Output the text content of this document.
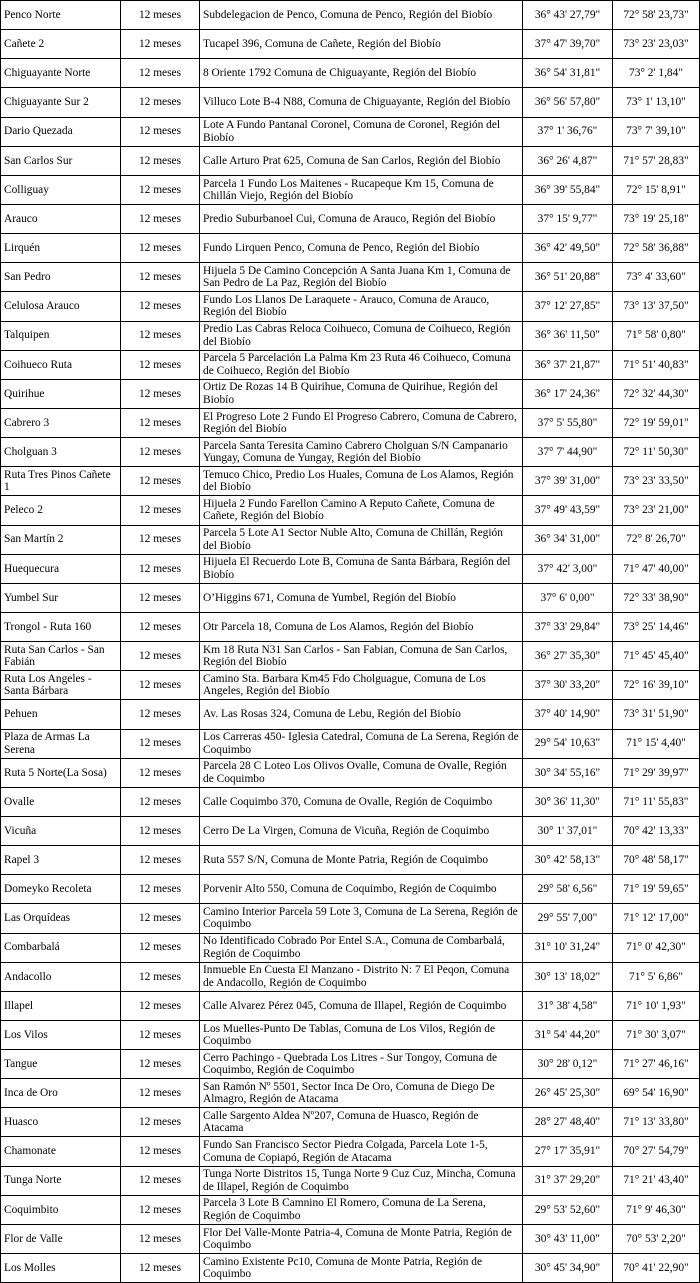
Penco Norte	12 meses	Subdelegacion de Penco, Comuna de Penco, Región del Biobío	36° 43' 27,79"	72° 58' 23,73"
Cañete 2	12 meses	Tucapel 396, Comuna de Cañete, Región del Biobío	37° 47' 39,70"	73° 23' 23,03"
Chiguayante Norte	12 meses	8 Oriente 1792 Comuna de Chiguayante, Región del Biobío	36° 54' 31,81"	73° 2' 1,84"
Chiguayante Sur 2	12 meses	Villuco Lote B-4 N88, Comuna de Chiguayante, Región del Biobío	36° 56' 57,80"	73° 1' 13,10"
Dario Quezada	12 meses	Lote A Fundo Pantanal Coronel, Comuna de Coronel, Región del Biobío	37° 1' 36,76"	73° 7' 39,10"
San Carlos Sur	12 meses	Calle Arturo Prat 625, Comuna de San Carlos, Región del Biobío	36° 26' 4,87"	71° 57' 28,83"
Colliguay	12 meses	Parcela 1 Fundo Los Maitenes - Rucapeque Km 15, Comuna de Chillán Viejo, Región del Biobío	36° 39' 55,84"	72° 15' 8,91"
Arauco	12 meses	Predio Suburbanoel Cui, Comuna de Arauco, Región del Biobío	37° 15' 9,77"	73° 19' 25,18"
Lirquén	12 meses	Fundo Lirquen Penco, Comuna de Penco, Región del Biobío	36° 42' 49,50"	72° 58' 36,88"
San Pedro	12 meses	Hijuela 5 De Camino Concepción A Santa Juana Km 1, Comuna de San Pedro de La Paz, Región del Biobío	36° 51' 20,88"	73° 4' 33,60"
Celulosa Arauco	12 meses	Fundo Los Llanos De Laraquete - Arauco, Comuna de Arauco, Región del Biobío	37° 12' 27,85"	73° 13' 37,50"
Talquipen	12 meses	Predio Las Cabras Reloca Coihueco, Comuna de Coihueco, Región del Biobío	36° 36' 11,50"	71° 58' 0,80"
Coihueco Ruta	12 meses	Parcela 5 Parcelación La Palma Km 23 Ruta 46 Coihueco, Comuna de Coihueco, Región del Biobío	36° 37' 21,87"	71° 51' 40,83"
Quirihue	12 meses	Ortiz De Rozas 14 B Quirihue, Comuna de Quirihue, Región del Biobío	36° 17' 24,36"	72° 32' 44,30"
Cabrero 3	12 meses	El Progreso Lote 2 Fundo El Progreso Cabrero, Comuna de Cabrero, Región del Biobío	37° 5' 55,80"	72° 19' 59,01"
Cholguan 3	12 meses	Parcela Santa Teresita Camino Cabrero Cholguan S/N Campanario Yungay, Comuna de Yungay, Región del Biobío	37° 7' 44,90"	72° 11' 50,30"
Ruta Tres Pinos Cañete 1	12 meses	Temuco Chico, Predio Los Huales, Comuna de Los Alamos, Región del Biobío	37° 39' 31,00"	73° 23' 33,50"
Peleco 2	12 meses	Hijuela 2 Fundo Farellon Camino A Reputo Cañete, Comuna de Cañete, Región del Biobío	37° 49' 43,59"	73° 23' 21,00"
San Martín 2	12 meses	Parcela 5 Lote A1 Sector Nuble Alto, Comuna de Chillán, Región del Biobío	36° 34' 31,00"	72° 8' 26,70"
Huequecura	12 meses	Hijuela El Recuerdo Lote B, Comuna de Santa Bárbara, Región del Biobío	37° 42' 3,00"	71° 47' 40,00"
Yumbel Sur	12 meses	O’Higgins 671, Comuna de Yumbel, Región del Biobío	37° 6' 0,00"	72° 33' 38,90"
Trongol - Ruta 160	12 meses	Otr Parcela 18, Comuna de Los Alamos, Región del Biobío	37° 33' 29,84"	73° 25' 14,46"
Ruta San Carlos - San Fabián	12 meses	Km 18 Ruta N31 San Carlos - San Fabian, Comuna de San Carlos, Región del Biobío	36° 27' 35,30"	71° 45' 45,40"
Ruta Los Angeles - Santa Bárbara	12 meses	Camino Sta. Barbara Km45 Fdo Cholguague, Comuna de Los Angeles, Región del Biobío	37° 30' 33,20"	72° 16' 39,10"
Pehuen	12 meses	Av. Las Rosas 324, Comuna de Lebu, Región del Biobío	37° 40' 14,90"	73° 31' 51,90"
Plaza de Armas La Serena	12 meses	Los Carreras 450- Iglesia Catedral, Comuna de La Serena, Región de Coquimbo	29° 54' 10,63"	71° 15' 4,40"
Ruta 5 Norte(La Sosa)	12 meses	Parcela 28 C Loteo Los Olivos Ovalle, Comuna de Ovalle, Región de Coquimbo	30° 34' 55,16"	71° 29' 39,97"
Ovalle	12 meses	Calle Coquimbo 370, Comuna de Ovalle, Región de Coquimbo	30° 36' 11,30"	71° 11' 55,83"
Vicuña	12 meses	Cerro De La Virgen, Comuna de Vicuña, Región de Coquimbo	30° 1' 37,01"	70° 42' 13,33"
Rapel 3	12 meses	Ruta 557 S/N, Comuna de Monte Patria, Región de Coquimbo	30° 42' 58,13"	70° 48' 58,17"
Domeyko Recoleta	12 meses	Porvenir Alto 550, Comuna de Coquimbo, Región de Coquimbo	29° 58' 6,56"	71° 19' 59,65"
Las Orquídeas	12 meses	Camino Interior Parcela 59 Lote 3, Comuna de La Serena, Región de Coquimbo	29° 55' 7,00"	71° 12' 17,00"
Combarbalá	12 meses	No Identificado Cobrado Por Entel S.A., Comuna de Combarbalá, Región de Coquimbo	31° 10' 31,24"	71° 0' 42,30"
Andacollo	12 meses	Inmueble En Cuesta El Manzano - Distrito N: 7 El Peqon, Comuna de Andacollo, Región de Coquimbo	30° 13' 18,02"	71° 5' 6,86"
Illapel	12 meses	Calle Alvarez Pérez 045, Comuna de Illapel, Región de Coquimbo	31° 38' 4,58"	71° 10' 1,93"
Los Vilos	12 meses	Los Muelles-Punto De Tablas, Comuna de Los Vilos, Región de Coquimbo	31° 54' 44,20"	71° 30' 3,07"
Tangue	12 meses	Cerro Pachingo - Quebrada Los Litres - Sur Tongoy, Comuna de Coquimbo, Región de Coquimbo	30° 28' 0,12"	71° 27' 46,16"
Inca de Oro	12 meses	San Ramón Nº 5501, Sector Inca De Oro, Comuna de Diego De Almagro, Región de Atacama	26° 45' 25,30"	69° 54' 16,90"
Huasco	12 meses	Calle Sargento Aldea Nº207, Comuna de Huasco, Región de Atacama	28° 27' 48,40"	71° 13' 33,80"
Chamonate	12 meses	Fundo San Francisco Sector Piedra Colgada, Parcela Lote 1-5, Comuna de Copiapó, Región de Atacama	27° 17' 35,91"	70° 27' 54,79"
Tunga Norte	12 meses	Tunga Norte Distritos 15, Tunga Norte 9 Cuz Cuz, Mincha, Comuna de Illapel, Región de Coquimbo	31° 37' 29,20"	71° 21' 43,40"
Coquimbito	12 meses	Parcela 3 Lote B Camnino El Romero, Comuna de La Serena, Región de Coquimbo	29° 53' 52,60"	71° 9' 46,30"
Flor de Valle	12 meses	Flor Del Valle-Monte Patria-4, Comuna de Monte Patria, Región de Coquimbo	30° 43' 11,00"	70° 53' 2,20"
Los Molles	12 meses	Camino Existente Pc10, Comuna de Monte Patria, Región de Coquimbo	30° 45' 34,90"	70° 41' 22,90"
